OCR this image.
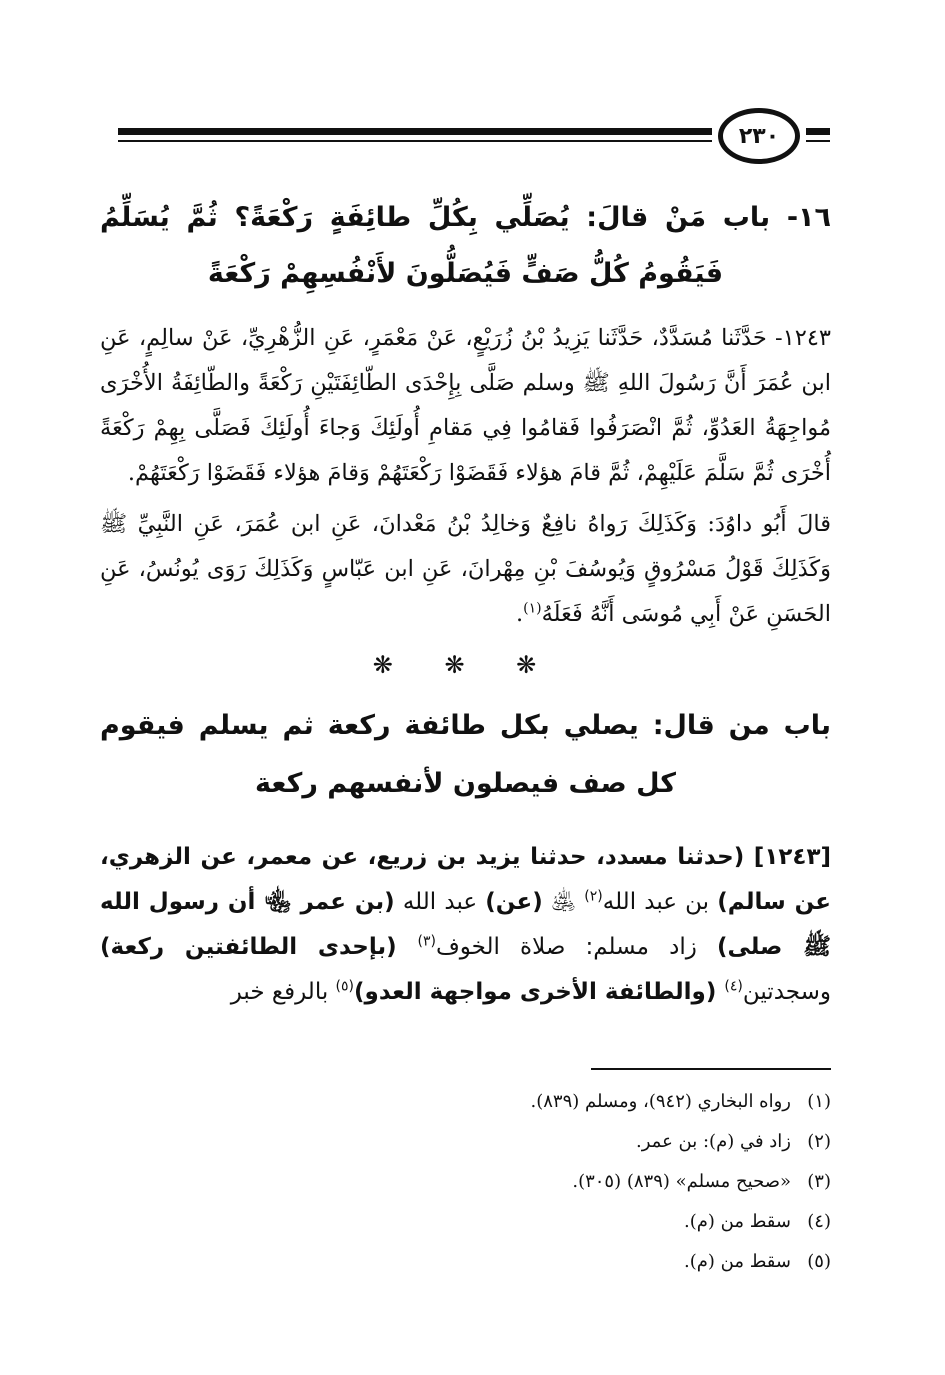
٢٣٠
١٦- باب مَنْ قالَ: يُصَلِّي بِكُلِّ طائِفَةٍ رَكْعَةً؟ ثُمَّ يُسَلِّمُ فَيَقُومُ كُلُّ صَفٍّ فَيُصَلُّونَ لأَنْفُسِهِمْ رَكْعَةً

١٢٤٣- حَدَّثَنا مُسَدَّدٌ، حَدَّثَنا يَزِيدُ بْنُ زُرَيْعٍ، عَنْ مَعْمَرٍ، عَنِ الزُّهْرِيِّ، عَنْ سالِمٍ، عَنِ ابن عُمَرَ أَنَّ رَسُولَ اللهِ ﷺ وسلم صَلَّى بِإِحْدَى الطّائِفَتَيْنِ رَكْعَةً والطّائِفَةُ الأُخْرَى مُواجِهَةُ العَدُوِّ، ثُمَّ انْصَرَفُوا فَقامُوا فِي مَقامِ أُولَئِكَ وَجاءَ أُولَئِكَ فَصَلَّى بِهِمْ رَكْعَةً أُخْرَى ثُمَّ سَلَّمَ عَلَيْهِمْ، ثُمَّ قامَ هؤلاء فَقَضَوْا رَكْعَتَهُمْ وَقامَ هؤلاء فَقَضَوْا رَكْعَتَهُمْ.

قالَ أَبُو داوُدَ: وَكَذَلِكَ رَواهُ نافِعٌ وَخالِدُ بْنُ مَعْدانَ، عَنِ ابن عُمَرَ، عَنِ النَّبِيِّ ﷺ وَكَذَلِكَ قَوْلُ مَسْرُوقٍ وَيُوسُفَ بْنِ مِهْرانَ، عَنِ ابن عَبّاسٍ وَكَذَلِكَ رَوَى يُونُسُ، عَنِ الحَسَنِ عَنْ أَبِي مُوسَى أَنَّهُ فَعَلَهُ$^{(١)}$.

❋ ❋ ❋
باب من قال: يصلي بكل طائفة ركعة ثم يسلم فيقوم كل صف فيصلون لأنفسهم ركعة

[١٢٤٣] (حدثنا مسدد، حدثنا يزيد بن زريع، عن معمر، عن الزهري، عن سالم) بن عبد الله$^{(٢)}$ ﵁ (عن) عبد الله (بن عمر ﵄ أن رسول الله ﷺ صلى) زاد مسلم: صلاة الخوف$^{(٣)}$ (بإحدى الطائفتين ركعة) وسجدتين$^{(٤)}$ (والطائفة الأخرى مواجهة العدو)$^{(٥)}$ بالرفع خبر

(١)رواه البخاري (٩٤٢)، ومسلم (٨٣٩).
(٢)زاد في (م): بن عمر.
(٣)«صحيح مسلم» (٨٣٩) (٣٠٥).
(٤)سقط من (م).
(٥)سقط من (م).
